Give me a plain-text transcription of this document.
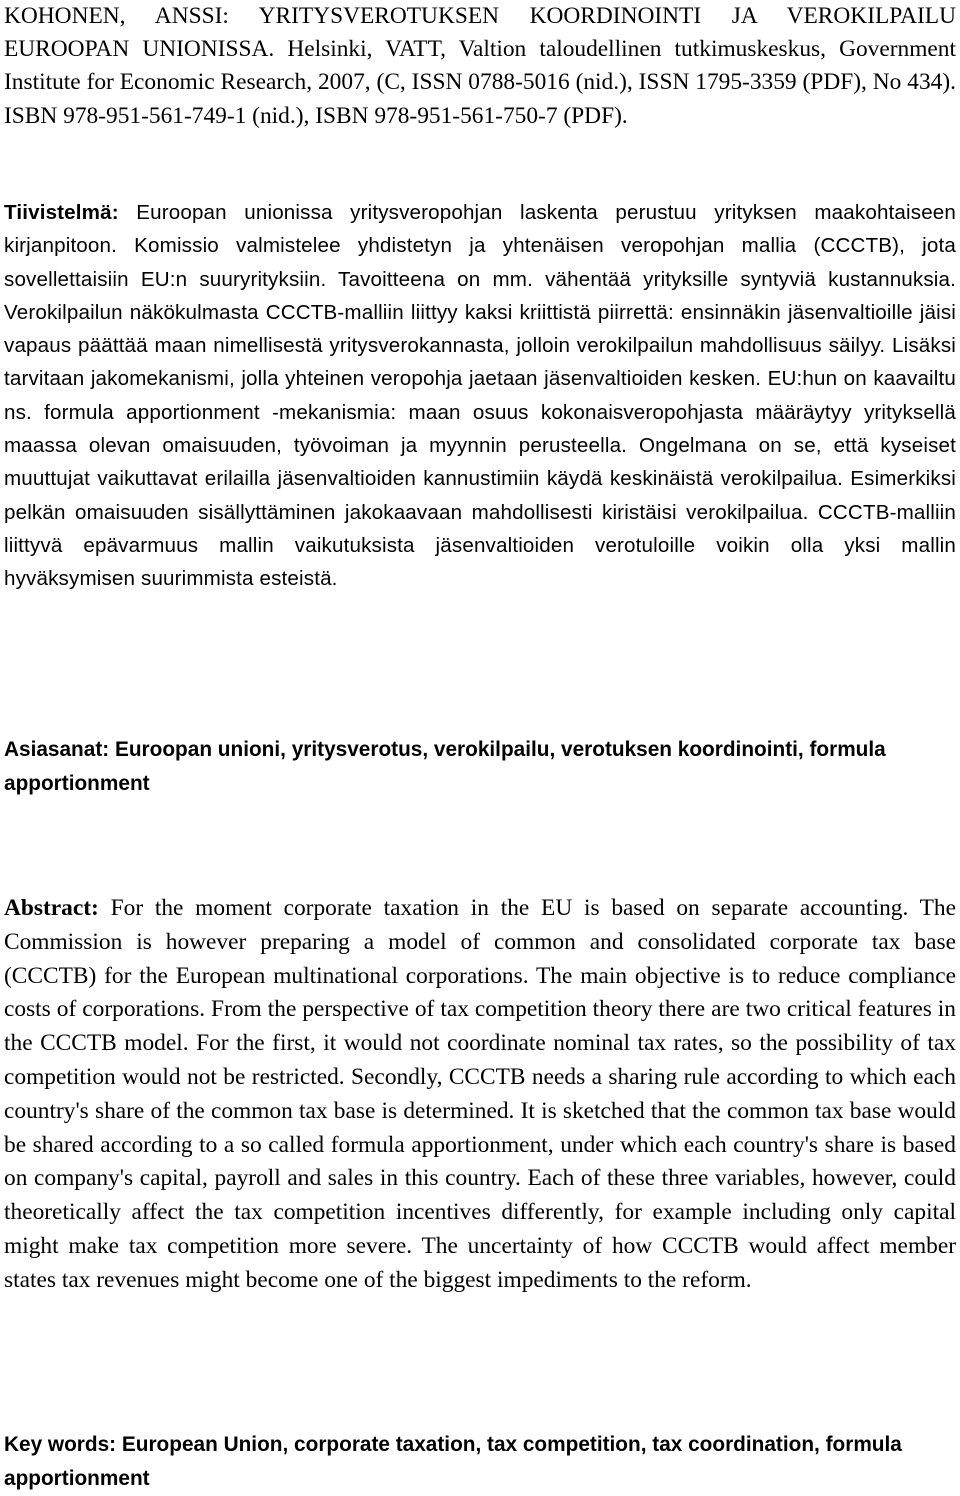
KOHONEN, ANSSI: YRITYSVEROTUKSEN KOORDINOINTI JA VEROKILPAILU EUROOPAN UNIONISSA. Helsinki, VATT, Valtion taloudellinen tutkimuskeskus, Government Institute for Economic Research, 2007, (C, ISSN 0788-5016 (nid.), ISSN 1795-3359 (PDF), No 434). ISBN 978-951-561-749-1 (nid.), ISBN 978-951-561-750-7 (PDF).

Tiivistelmä: Euroopan unionissa yritysveropohjan laskenta perustuu yrityksen maakohtaiseen kirjanpitoon. Komissio valmistelee yhdistetyn ja yhtenäisen veropohjan mallia (CCCTB), jota sovellettaisiin EU:n suuryrityksiin. Tavoitteena on mm. vähentää yrityksille syntyviä kustannuksia. Verokilpailun näkökulmasta CCCTB-malliin liittyy kaksi kriittistä piirrettä: ensinnäkin jäsenvaltioille jäisi vapaus päättää maan nimellisestä yritysverokannasta, jolloin verokilpailun mahdollisuus säilyy. Lisäksi tarvitaan jakomekanismi, jolla yhteinen veropohja jaetaan jäsenvaltioiden kesken. EU:hun on kaavailtu ns. formula apportionment -mekanismia: maan osuus kokonaisveropohjasta määräytyy yrityksellä maassa olevan omaisuuden, työvoiman ja myynnin perusteella. Ongelmana on se, että kyseiset muuttujat vaikuttavat erilailla jäsenvaltioiden kannustimiin käydä keskinäistä verokilpailua. Esimerkiksi pelkän omaisuuden sisällyttäminen jakokaavaan mahdollisesti kiristäisi verokilpailua. CCCTB-malliin liittyvä epävarmuus mallin vaikutuksista jäsenvaltioiden verotuloille voikin olla yksi mallin hyväksymisen suurimmista esteistä.

Asiasanat: Euroopan unioni, yritysverotus, verokilpailu, verotuksen koordinointi, formula apportionment

Abstract: For the moment corporate taxation in the EU is based on separate accounting. The Commission is however preparing a model of common and consolidated corporate tax base (CCCTB) for the European multinational corporations. The main objective is to reduce compliance costs of corporations. From the perspective of tax competition theory there are two critical features in the CCCTB model. For the first, it would not coordinate nominal tax rates, so the possibility of tax competition would not be restricted. Secondly, CCCTB needs a sharing rule according to which each country's share of the common tax base is determined. It is sketched that the common tax base would be shared according to a so called formula apportionment, under which each country's share is based on company's capital, payroll and sales in this country. Each of these three variables, however, could theoretically affect the tax competition incentives differently, for example including only capital might make tax competition more severe. The uncertainty of how CCCTB would affect member states tax revenues might become one of the biggest impediments to the reform.

Key words: European Union, corporate taxation, tax competition, tax coordination, formula apportionment
